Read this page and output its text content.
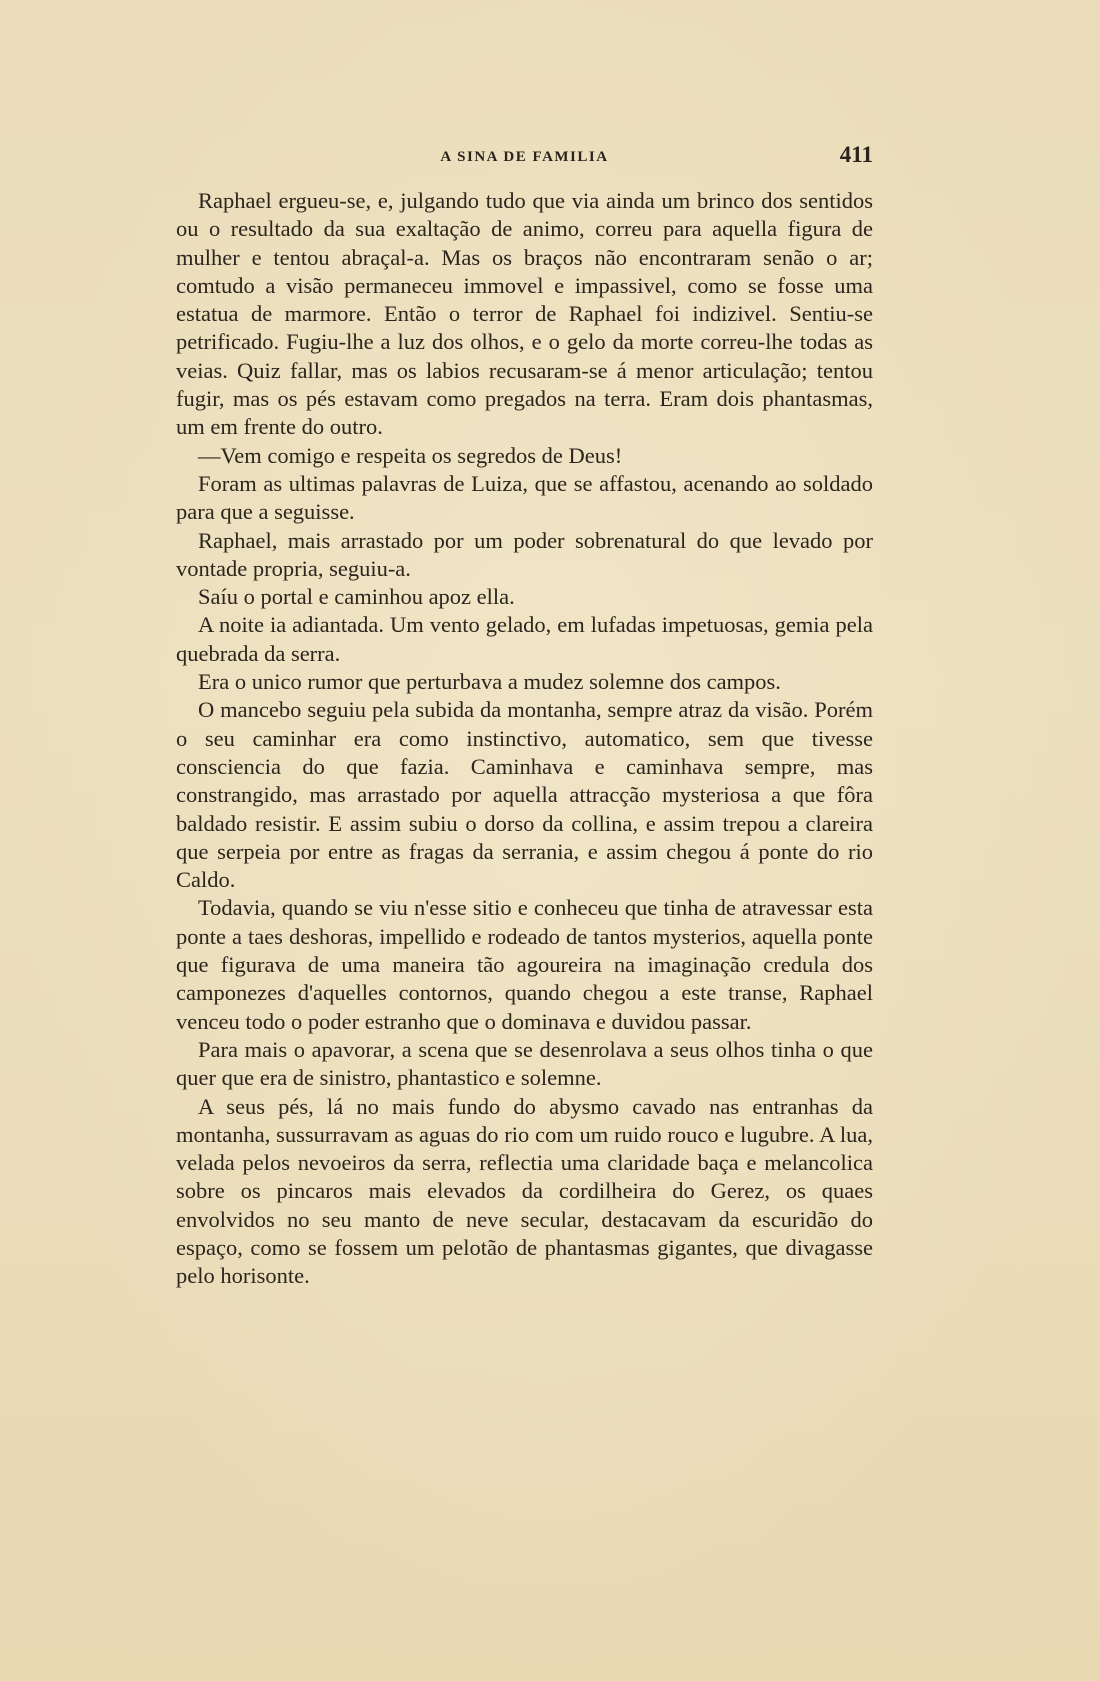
A SINA DE FAMILIA	411

Raphael ergueu-se, e, julgando tudo que via ainda um brinco dos sentidos ou o resultado da sua exaltação de animo, correu para aquella figura de mulher e tentou abraçal-a. Mas os braços não encontraram senão o ar; comtudo a visão permaneceu immovel e impassivel, como se fosse uma estatua de marmore. Então o terror de Raphael foi indizivel. Sentiu-se petrificado. Fugiu-lhe a luz dos olhos, e o gelo da morte correu-lhe todas as veias. Quiz fallar, mas os labios recusaram-se á menor articulação; tentou fugir, mas os pés estavam como pregados na terra. Eram dois phantasmas, um em frente do outro.

—Vem comigo e respeita os segredos de Deus!

Foram as ultimas palavras de Luiza, que se affastou, acenando ao soldado para que a seguisse.

Raphael, mais arrastado por um poder sobrenatural do que levado por vontade propria, seguiu-a.

Saíu o portal e caminhou apoz ella.

A noite ia adiantada. Um vento gelado, em lufadas impetuosas, gemia pela quebrada da serra.

Era o unico rumor que perturbava a mudez solemne dos campos.

O mancebo seguiu pela subida da montanha, sempre atraz da visão. Porém o seu caminhar era como instinctivo, automatico, sem que tivesse consciencia do que fazia. Caminhava e caminhava sempre, mas constrangido, mas arrastado por aquella attracção mysteriosa a que fôra baldado resistir. E assim subiu o dorso da collina, e assim trepou a clareira que serpeia por entre as fragas da serrania, e assim chegou á ponte do rio Caldo.

Todavia, quando se viu n'esse sitio e conheceu que tinha de atravessar esta ponte a taes deshoras, impellido e rodeado de tantos mysterios, aquella ponte que figurava de uma maneira tão agoureira na imaginação credula dos camponezes d'aquelles contornos, quando chegou a este transe, Raphael venceu todo o poder estranho que o dominava e duvidou passar.

Para mais o apavorar, a scena que se desenrolava a seus olhos tinha o que quer que era de sinistro, phantastico e solemne.

A seus pés, lá no mais fundo do abysmo cavado nas entranhas da montanha, sussurravam as aguas do rio com um ruido rouco e lugubre. A lua, velada pelos nevoeiros da serra, reflectia uma claridade baça e melancolica sobre os pincaros mais elevados da cordilheira do Gerez, os quaes envolvidos no seu manto de neve secular, destacavam da escuridão do espaço, como se fossem um pelotão de phantasmas gigantes, que divagasse pelo horisonte.
